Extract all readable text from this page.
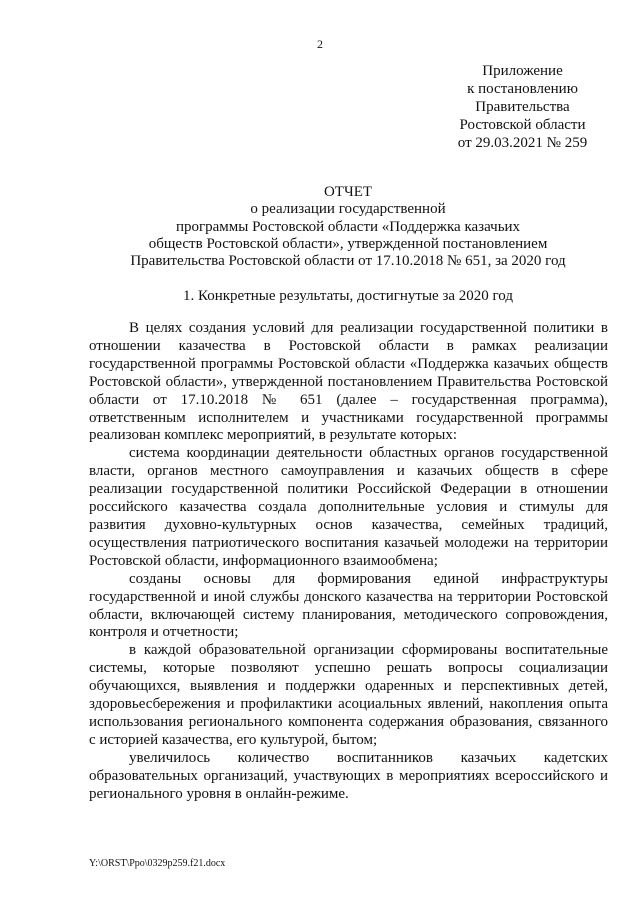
2
Приложение
к постановлению
Правительства
Ростовской области
от 29.03.2021 № 259
ОТЧЕТ
о реализации государственной
программы Ростовской области «Поддержка казачьих
обществ Ростовской области», утвержденной постановлением
Правительства Ростовской области от 17.10.2018 № 651, за 2020 год
1. Конкретные результаты, достигнутые за 2020 год

В целях создания условий для реализации государственной политики в отношении казачества в Ростовской области в рамках реализации государственной программы Ростовской области «Поддержка казачьих обществ Ростовской области», утвержденной постановлением Правительства Ростовской области от 17.10.2018 № 651 (далее – государственная программа), ответственным исполнителем и участниками государственной программы реализован комплекс мероприятий, в результате которых:

система координации деятельности областных органов государственной власти, органов местного самоуправления и казачьих обществ в сфере реализации государственной политики Российской Федерации в отношении российского казачества создала дополнительные условия и стимулы для развития духовно-культурных основ казачества, семейных традиций, осуществления патриотического воспитания казачьей молодежи на территории Ростовской области, информационного взаимообмена;

созданы основы для формирования единой инфраструктуры государственной и иной службы донского казачества на территории Ростовской области, включающей систему планирования, методического сопровождения, контроля и отчетности;

в каждой образовательной организации сформированы воспитательные системы, которые позволяют успешно решать вопросы социализации обучающихся, выявления и поддержки одаренных и перспективных детей, здоровьесбережения и профилактики асоциальных явлений, накопления опыта использования регионального компонента содержания образования, связанного с историей казачества, его культурой, бытом;

увеличилось количество воспитанников казачьих кадетских образовательных организаций, участвующих в мероприятиях всероссийского и регионального уровня в онлайн-режиме.

Y:\ORST\Ppo\0329p259.f21.docx
